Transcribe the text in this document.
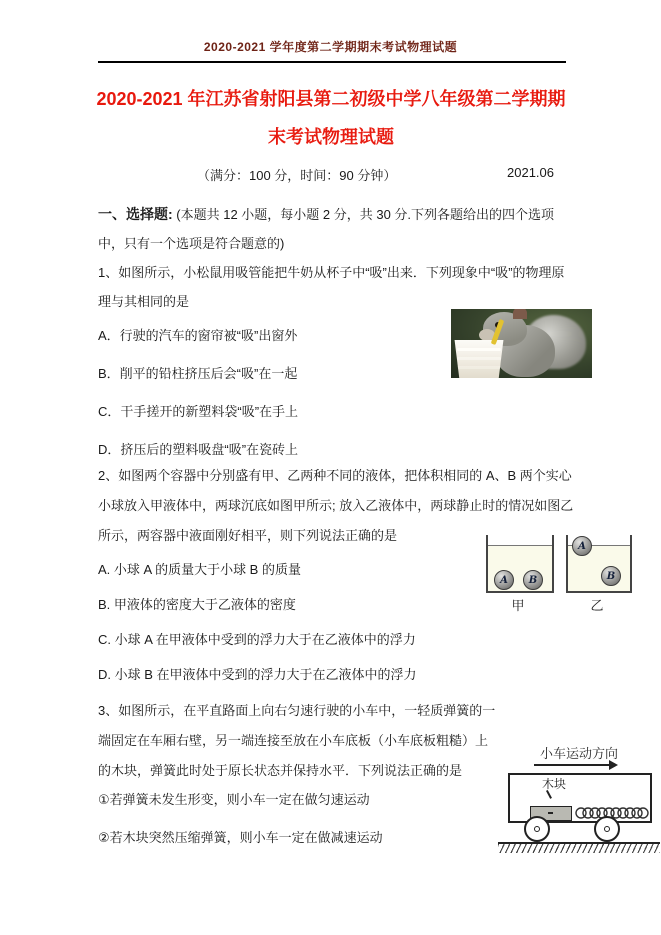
2020-2021 学年度第二学期期末考试物理试题
2020-2021 年江苏省射阳县第二初级中学八年级第二学期期
末考试物理试题
（满分：100 分，时间：90 分钟）	2021.06
一、选择题: (本题共 12 小题，每小题 2 分，共 30 分.下列各题给出的四个选项中，只有一个选项是符合题意的)

1、如图所示，小松鼠用吸管能把牛奶从杯子中“吸”出来．下列现象中“吸”的物理原理与其相同的是

A．行驶的汽车的窗帘被“吸”出窗外
B．削平的铅柱挤压后会“吸”在一起
C．干手搓开的新塑料袋“吸”在手上
D．挤压后的塑料吸盘“吸”在瓷砖上

2、如图两个容器中分别盛有甲、乙两种不同的液体，把体积相同的 A、B 两个实心小球放入甲液体中，两球沉底如图甲所示; 放入乙液体中，两球静止时的情况如图乙所示，两容器中液面刚好相平，则下列说法正确的是

A. 小球 A 的质量大于小球 B 的质量
B. 甲液体的密度大于乙液体的密度
C. 小球 A 在甲液体中受到的浮力大于在乙液体中的浮力
D. 小球 B 在甲液体中受到的浮力大于在乙液体中的浮力
A	B
A
B
甲	乙

3、如图所示，在平直路面上向右匀速行驶的小车中，一轻质弹簧的一端固定在车厢右壁，另一端连接至放在小车底板（小车底板粗糙）上的木块，弹簧此时处于原长状态并保持水平．下列说法正确的是

①若弹簧未发生形变，则小车一定在做匀速运动
②若木块突然压缩弹簧，则小车一定在做减速运动
小车运动方向
木块
